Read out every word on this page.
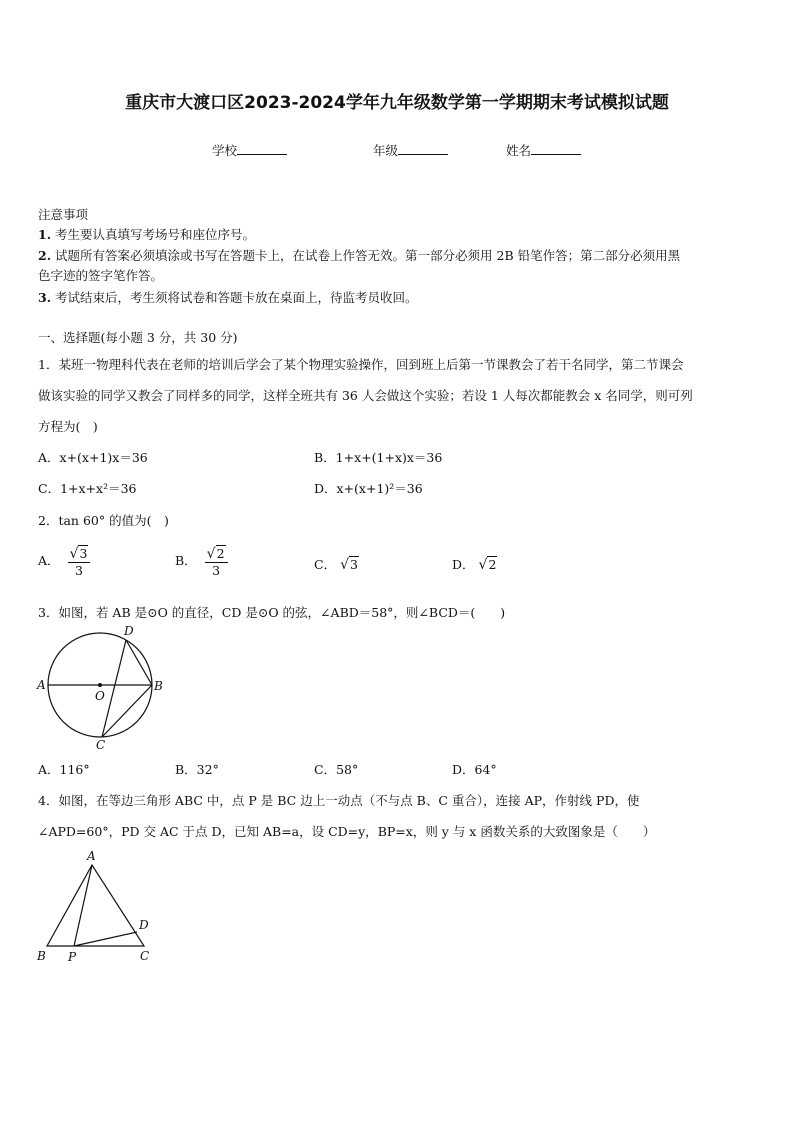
重庆市大渡口区2023-2024学年九年级数学第一学期期末考试模拟试题
学校	年级	姓名
注意事项
1. 考生要认真填写考场号和座位序号。
2. 试题所有答案必须填涂或书写在答题卡上，在试卷上作答无效。第一部分必须用 2B 铅笔作答；第二部分必须用黑
色字迹的签字笔作答。
3. 考试结束后，考生须将试卷和答题卡放在桌面上，待监考员收回。
一、选择题(每小题 3 分，共 30 分)
1．某班一物理科代表在老师的培训后学会了某个物理实验操作，回到班上后第一节课教会了若干名同学，第二节课会
做该实验的同学又教会了同样多的同学，这样全班共有 36 人会做这个实验；若设 1 人每次都能教会 x 名同学，则可列
方程为(　)
A．x+(x+1)x＝36	B．1+x+(1+x)x＝36
C．1+x+x²＝36	D．x+(x+1)²＝36
2．tan 60° 的值为(　)
A． $\frac{√3}{3}$	B． $\frac{√2}{3}$	C． √3	D． √2
3．如图，若 AB 是⊙O 的直径，CD 是⊙O 的弦，∠ABD＝58°，则∠BCD＝(　　)
A	B
C
D
O
A．116°	B．32°	C．58°	D．64°
4．如图，在等边三角形 ABC 中，点 P 是 BC 边上一动点（不与点 B、C 重合），连接 AP，作射线 PD，使
∠APD=60°，PD 交 AC 于点 D，已知 AB=a，设 CD=y，BP=x，则 y 与 x 函数关系的大致图象是（　　）
A
B	C
D
P
